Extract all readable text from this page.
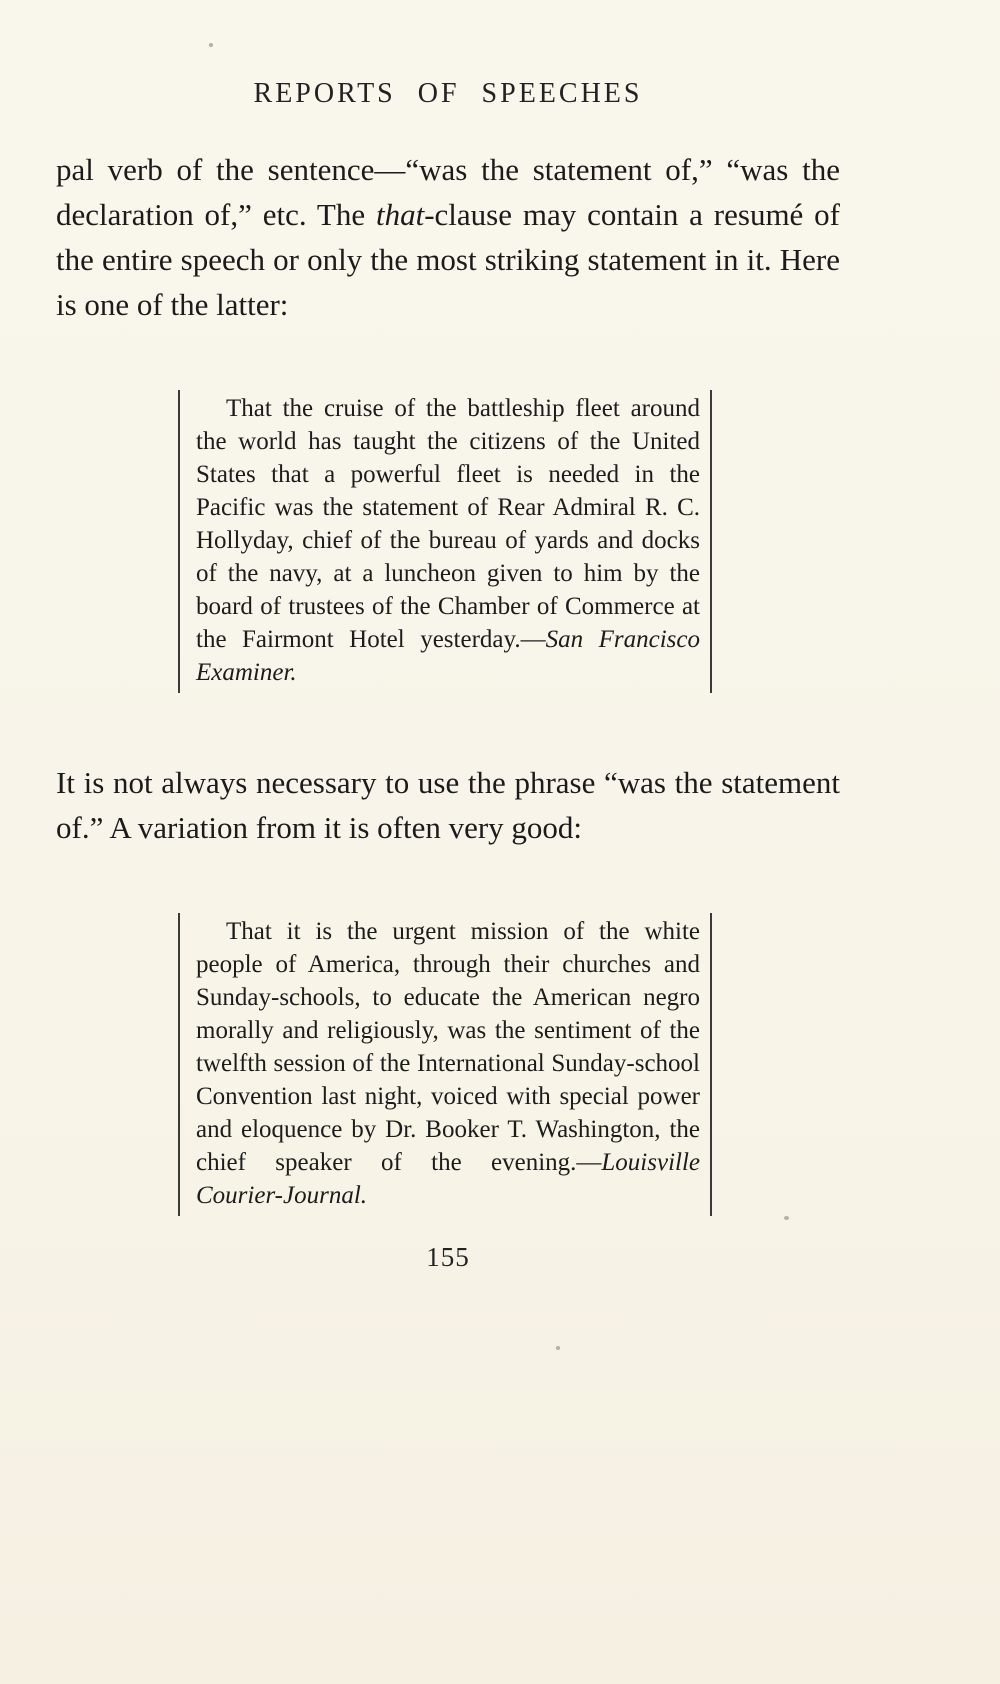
REPORTS OF SPEECHES

pal verb of the sentence—“was the statement of,” “was the declaration of,” etc. The that-clause may contain a resumé of the entire speech or only the most striking statement in it. Here is one of the latter:

That the cruise of the battleship fleet around the world has taught the citizens of the United States that a powerful fleet is needed in the Pacific was the statement of Rear Admiral R. C. Hollyday, chief of the bureau of yards and docks of the navy, at a luncheon given to him by the board of trustees of the Chamber of Commerce at the Fairmont Hotel yesterday.—San Francisco Examiner.

It is not always necessary to use the phrase “was the statement of.” A variation from it is often very good:

That it is the urgent mission of the white people of America, through their churches and Sunday-schools, to educate the American negro morally and religiously, was the sentiment of the twelfth session of the International Sunday-school Convention last night, voiced with special power and eloquence by Dr. Booker T. Washington, the chief speaker of the evening.—Louisville Courier-Journal.
155
